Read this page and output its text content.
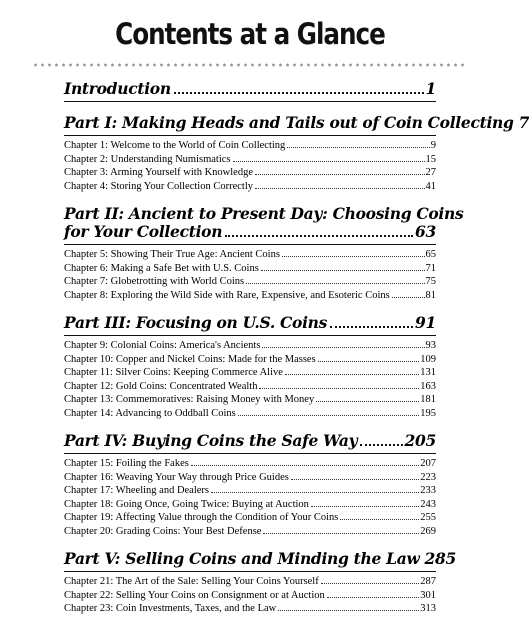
Contents at a Glance
Introduction	1
Part I: Making Heads and Tails out of Coin Collecting 7
Chapter 1: Welcome to the World of Coin Collecting	9
Chapter 2: Understanding Numismatics	15
Chapter 3: Arming Yourself with Knowledge	27
Chapter 4: Storing Your Collection Correctly	41
Part II: Ancient to Present Day: Choosing Coins
for Your Collection	63
Chapter 5: Showing Their True Age: Ancient Coins	65
Chapter 6: Making a Safe Bet with U.S. Coins	71
Chapter 7: Globetrotting with World Coins	75
Chapter 8: Exploring the Wild Side with Rare, Expensive, and Esoteric Coins	81
Part III: Focusing on U.S. Coins	91
Chapter 9: Colonial Coins: America's Ancients	93
Chapter 10: Copper and Nickel Coins: Made for the Masses	109
Chapter 11: Silver Coins: Keeping Commerce Alive	131
Chapter 12: Gold Coins: Concentrated Wealth	163
Chapter 13: Commemoratives: Raising Money with Money	181
Chapter 14: Advancing to Oddball Coins	195
Part IV: Buying Coins the Safe Way	205
Chapter 15: Foiling the Fakes	207
Chapter 16: Weaving Your Way through Price Guides	223
Chapter 17: Wheeling and Dealers	233
Chapter 18: Going Once, Going Twice: Buying at Auction	243
Chapter 19: Affecting Value through the Condition of Your Coins	255
Chapter 20: Grading Coins: Your Best Defense	269
Part V: Selling Coins and Minding the Law 285
Chapter 21: The Art of the Sale: Selling Your Coins Yourself	287
Chapter 22: Selling Your Coins on Consignment or at Auction	301
Chapter 23: Coin Investments, Taxes, and the Law	313
